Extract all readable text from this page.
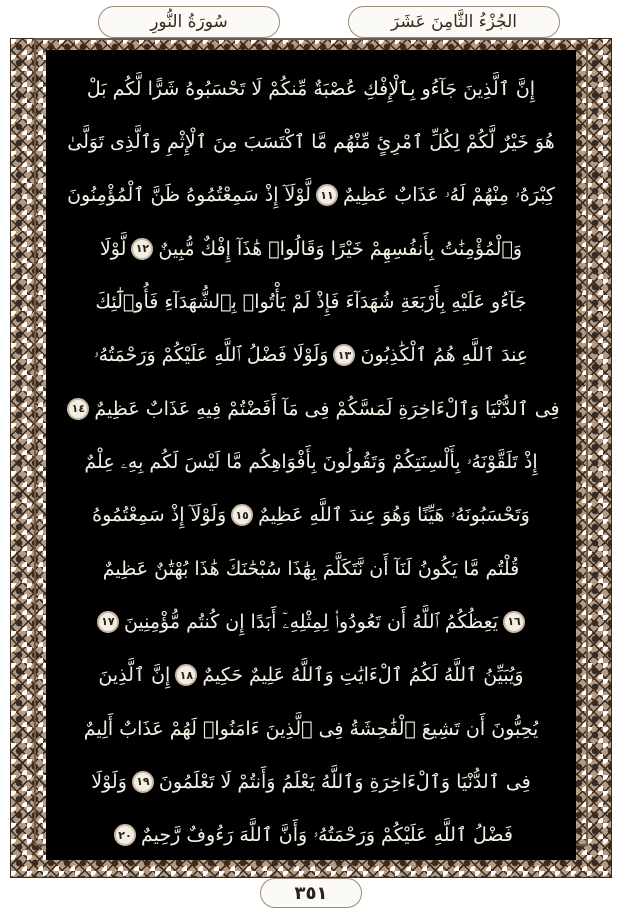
سُورَةُ النُّورِ	الجُزْءُ الثَّامِنَ عَشَرَ
إِنَّ ٱلَّذِينَ جَآءُو بِٱلْإِفْكِ عُصْبَةٌ مِّنكُمْ لَا تَحْسَبُوهُ شَرًّا لَّكُم بَلْ
هُوَ خَيْرٌ لَّكُمْ لِكُلِّ ٱمْرِئٍ مِّنْهُم مَّا ٱكْتَسَبَ مِنَ ٱلْإِثْمِ وَٱلَّذِى تَوَلَّىٰ
كِبْرَهُۥ مِنْهُمْ لَهُۥ عَذَابٌ عَظِيمٌ
١١
لَّوْلَآ إِذْ سَمِعْتُمُوهُ ظَنَّ ٱلْمُؤْمِنُونَ
وَٱلْمُؤْمِنَٰتُ بِأَنفُسِهِمْ خَيْرًا وَقَالُوا۟ هَٰذَآ إِفْكٌ مُّبِينٌ
١٢
لَّوْلَا
جَآءُو عَلَيْهِ بِأَرْبَعَةِ شُهَدَآءَ فَإِذْ لَمْ يَأْتُوا۟ بِٱلشُّهَدَآءِ فَأُو۟لَٰٓئِكَ
عِندَ ٱللَّهِ هُمُ ٱلْكَٰذِبُونَ
١٣
وَلَوْلَا فَضْلُ ٱللَّهِ عَلَيْكُمْ وَرَحْمَتُهُۥ
فِى ٱلدُّنْيَا وَٱلْءَاخِرَةِ لَمَسَّكُمْ فِى مَآ أَفَضْتُمْ فِيهِ عَذَابٌ عَظِيمٌ
١٤
إِذْ تَلَقَّوْنَهُۥ بِأَلْسِنَتِكُمْ وَتَقُولُونَ بِأَفْوَاهِكُم مَّا لَيْسَ لَكُم بِهِۦ عِلْمٌ
وَتَحْسَبُونَهُۥ هَيِّنًا وَهُوَ عِندَ ٱللَّهِ عَظِيمٌ
١٥
وَلَوْلَآ إِذْ سَمِعْتُمُوهُ
قُلْتُم مَّا يَكُونُ لَنَآ أَن نَّتَكَلَّمَ بِهَٰذَا سُبْحَٰنَكَ هَٰذَا بُهْتَٰنٌ عَظِيمٌ
١٦
يَعِظُكُمُ ٱللَّهُ أَن تَعُودُوا۟ لِمِثْلِهِۦٓ أَبَدًا إِن كُنتُم مُّؤْمِنِينَ
١٧
وَيُبَيِّنُ ٱللَّهُ لَكُمُ ٱلْءَايَٰتِ وَٱللَّهُ عَلِيمٌ حَكِيمٌ
١٨
إِنَّ ٱلَّذِينَ
يُحِبُّونَ أَن تَشِيعَ ٱلْفَٰحِشَةُ فِى ٱلَّذِينَ ءَامَنُوا۟ لَهُمْ عَذَابٌ أَلِيمٌ
فِى ٱلدُّنْيَا وَٱلْءَاخِرَةِ وَٱللَّهُ يَعْلَمُ وَأَنتُمْ لَا تَعْلَمُونَ
١٩
وَلَوْلَا
فَضْلُ ٱللَّهِ عَلَيْكُمْ وَرَحْمَتُهُۥ وَأَنَّ ٱللَّهَ رَءُوفٌ رَّحِيمٌ
٢٠
٣٥١
